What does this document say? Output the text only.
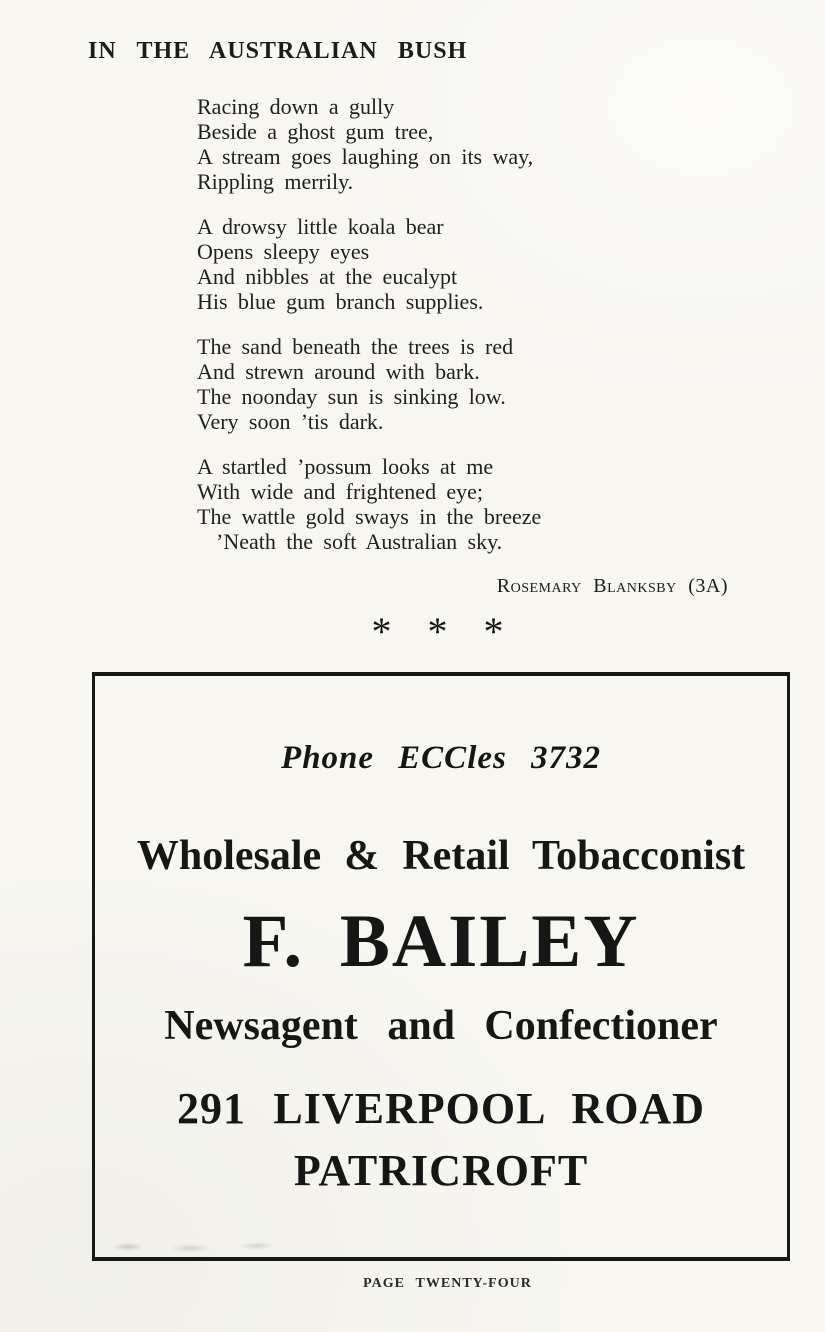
IN THE AUSTRALIAN BUSH
Racing down a gully
Beside a ghost gum tree,
A stream goes laughing on its way,
Rippling merrily.
A drowsy little koala bear
Opens sleepy eyes
And nibbles at the eucalypt
His blue gum branch supplies.
The sand beneath the trees is red
And strewn around with bark.
The noonday sun is sinking low.
Very soon ’tis dark.
A startled ’possum looks at me
With wide and frightened eye;
The wattle gold sways in the breeze
’Neath the soft Australian sky.
Rosemary Blanksby (3A)
* * *
Phone ECCles 3732
Wholesale & Retail Tobacconist
F. BAILEY
Newsagent and Confectioner
291 LIVERPOOL ROAD
PATRICROFT
PAGE TWENTY-FOUR
